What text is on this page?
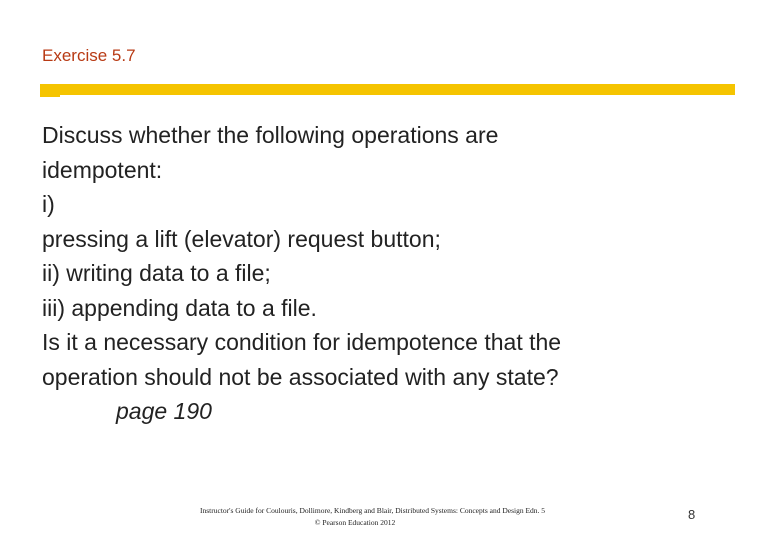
Exercise 5.7
Discuss whether the following operations are
idempotent:
i)
pressing a lift (elevator) request button;
ii) writing data to a file;
iii) appending data to a file.
Is it a necessary condition for idempotence that the
operation should not be associated with any state?
page 190
Instructor's Guide for Coulouris, Dollimore, Kindberg and Blair, Distributed Systems: Concepts and Design Edn. 5
© Pearson Education 2012
8
